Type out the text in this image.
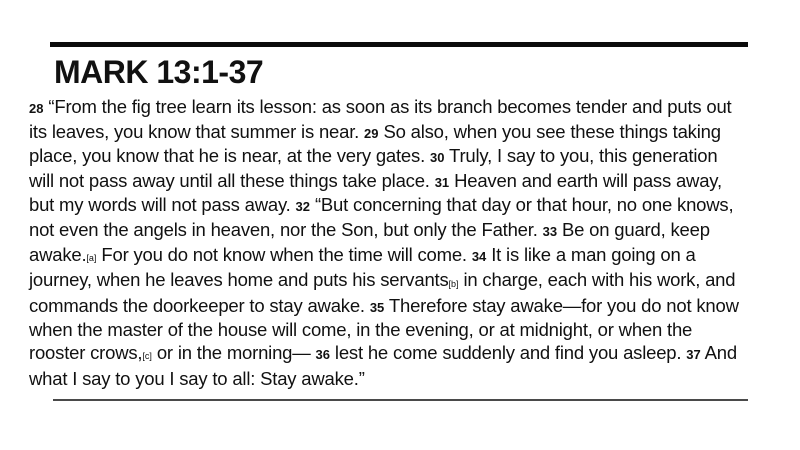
MARK 13:1-37
28 “From the fig tree learn its lesson: as soon as its branch becomes tender and puts out
its leaves, you know that summer is near. 29 So also, when you see these things taking
place, you know that he is near, at the very gates. 30 Truly, I say to you, this generation
will not pass away until all these things take place. 31 Heaven and earth will pass away,
but my words will not pass away. 32 “But concerning that day or that hour, no one knows,
not even the angels in heaven, nor the Son, but only the Father. 33 Be on guard, keep
awake.[a] For you do not know when the time will come. 34 It is like a man going on a
journey, when he leaves home and puts his servants[b] in charge, each with his work, and
commands the doorkeeper to stay awake. 35 Therefore stay awake—for you do not know
when the master of the house will come, in the evening, or at midnight, or when the
rooster crows,[c] or in the morning— 36 lest he come suddenly and find you asleep. 37 And
what I say to you I say to all: Stay awake.”
